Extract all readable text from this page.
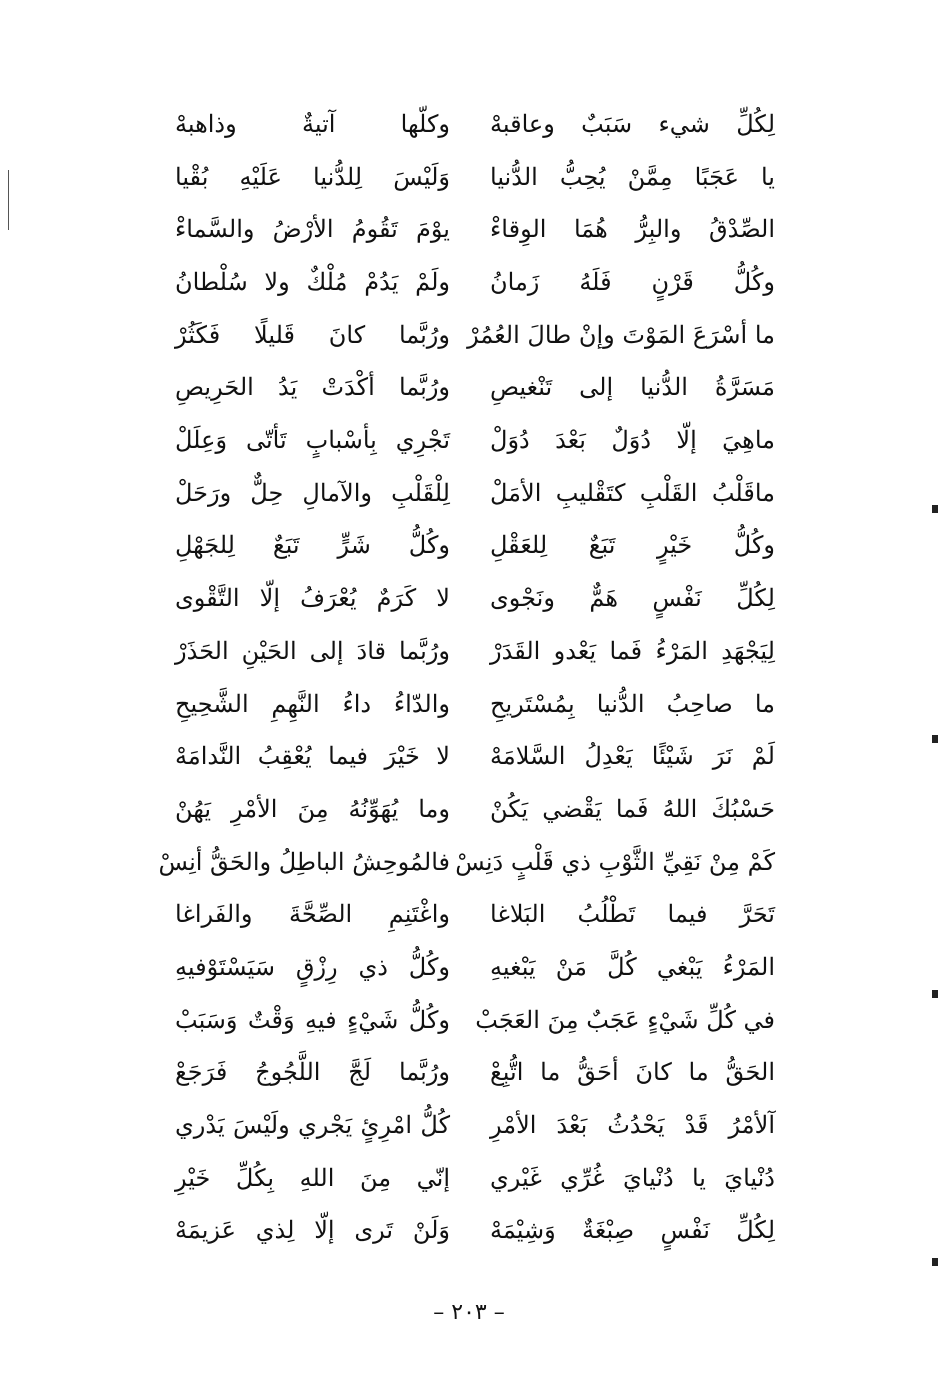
لِكُلِّ شيء سَبَبٌ وعاقبهْ
وكلّها آتيةٌ وذاهبهْ
يا عَجَبًا مِمَّنْ يُحِبُّ الدُّنيا
وَلَيْسَ لِلدُّنيا عَلَيْهِ بُقْيا
الصِّدْقُ والبِرُّ هُمَا الوِقاءْ
يوْمَ تَقُومُ الأرْضُ والسَّماءْ
وكُلُّ قَرْنٍ فَلَهُ زَمانُ
ولَمْ يَدُمْ مُلْكٌ ولا سُلْطانُ
ما أسْرَعَ المَوْتَ وإنْ طالَ العُمُرْ
ورُبَّما كانَ قَليلًا فَكَثُرْ
مَسَرَّةُ الدُّنيا إلى تَنْغيصِ
ورُبَّما أكْدَتْ يَدُ الحَرِيصِ
ماهِيَ إلّا دُوَلٌ بَعْدَ دُوَلْ
تَجْرِي بِأسْبابٍ تَأتّى وَعِلَلْ
ماقَلْبُ القَلْبِ كتَقْليبِ الأمَلْ
لِلْقَلْبِ والآمالِ حِلٌّ ورَحَلْ
وكُلُّ خَيْرٍ تَبَعٌ لِلعَقْلِ
وكُلُّ شَرٍّ تَبَعٌ لِلجَهْلِ
لِكُلِّ نَفْسٍ هَمٌّ ونَجْوى
لا كَرَمٌ يُعْرَفُ إلّا التَّقْوى
لِيَجْهَدِ المَرْءُ فَما يَعْدو القَدَرْ
ورُبَّما قادَ إلى الحَيْنِ الحَذَرْ
ما صاحِبُ الدُّنيا بِمُسْتَريحِ
والدّاءُ داءُ النَّهِمِ الشَّحِيحِ
لَمْ نَرَ شَيْئًا يَعْدِلُ السَّلامَهْ
لا خَيْرَ فيما يُعْقِبُ النَّدامَهْ
حَسْبُكَ اللهُ فَما يَقْضي يَكُنْ
وما يُهَوِّنُهُ مِنَ الأمْرِ يَهُنْ
كَمْ مِنْ نَقِيِّ الثَّوْبِ ذي قَلْبٍ دَنِسْ
فالمُوحِشُ الباطِلُ والحَقُّ أنِسْ
تَحَرَّ فيما تَطْلُبُ البَلاغا
واغْتَنِمِ الصِّحَّةَ والفَراغا
المَرْءُ يَبْغي كُلَّ مَنْ يَبْغيهِ
وكُلُّ ذي رِزْقٍ سَيَسْتَوْفيهِ
في كُلِّ شَيْءٍ عَجَبٌ مِنَ العَجَبْ
وكُلُّ شَيْءٍ فيهِ وَقْتٌ وَسَبَبْ
الحَقُّ ما كانَ أحَقُّ ما اتُّبِعْ
ورُبَّما لَجَّ اللَّجُوجُ فَرَجَعْ
آلأمْرُ قَدْ يَحْدُثُ بَعْدَ الأمْرِ
كُلُّ امْرِئٍ يَجْري ولَيْسَ يَدْري
دُنْيايَ يا دُنْيايَ غُرِّي غَيْري
إنّي مِنَ اللهِ بِكُلِّ خَيْرِ
لِكُلِّ نَفْسٍ صِبْغَةٌ وَشِيْمَهْ
وَلَنْ تَرى إلّا لِذي عَزيمَهْ
– ٢٠٣ –
